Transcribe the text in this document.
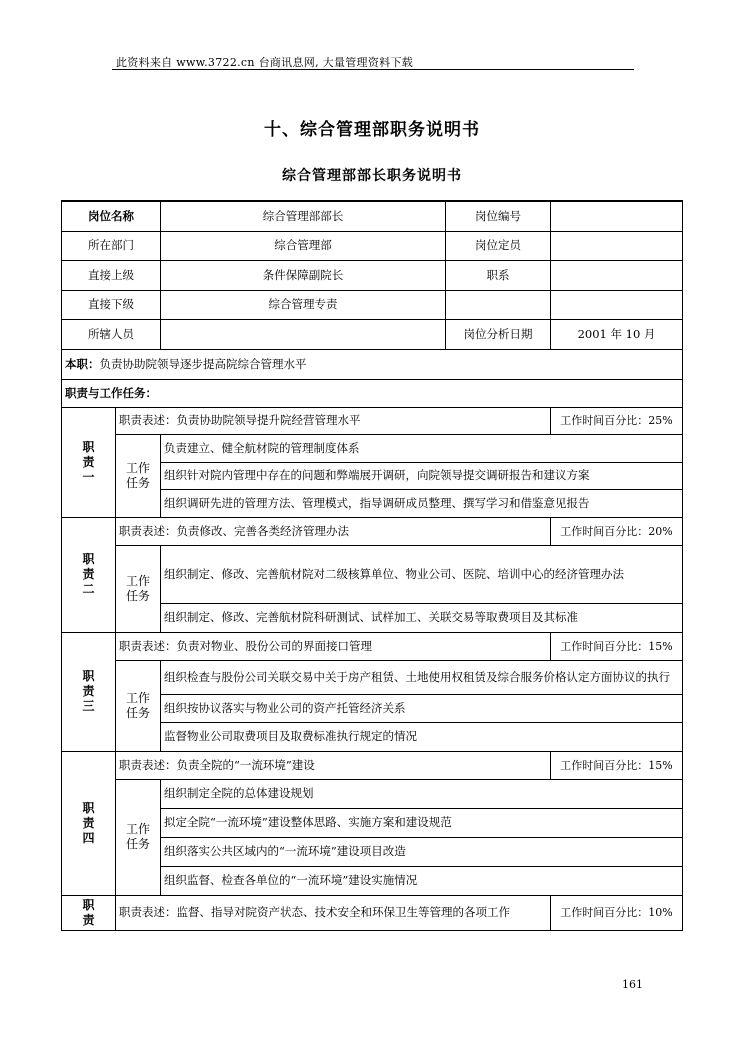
此资料来自 www.3722.cn 台商讯息网, 大量管理资料下载
十、综合管理部职务说明书
综合管理部部长职务说明书
岗位名称		综合管理部部长	岗位编号	
所在部门		综合管理部	岗位定员	
直接上级		条件保障副院长	职系	
直接下级		综合管理专责		
所辖人员			岗位分析日期	2001 年 10 月
本职：负责协助院领导逐步提高院综合管理水平				
职责与工作任务：				

职
责
一	职责表述：负责协助院领导提升院经营管理水平			工作时间百分比：25%

	工作
任务	负责建立、健全航材院的管理制度体系		
		组织针对院内管理中存在的问题和弊端展开调研，向院领导提交调研报告和建议方案		
		组织调研先进的管理方法、管理模式，指导调研成员整理、撰写学习和借鉴意见报告		

职
责
二	职责表述：负责修改、完善各类经济管理办法			工作时间百分比：20%

	工作
任务	组织制定、修改、完善航材院对二级核算单位、物业公司、医院、培训中心的经济管理办法		
		组织制定、修改、完善航材院科研测试、试样加工、关联交易等取费项目及其标准		

职
责
三	职责表述：负责对物业、股份公司的界面接口管理			工作时间百分比：15%

	工作
任务	组织检查与股份公司关联交易中关于房产租赁、土地使用权租赁及综合服务价格认定方面协议的执行		
		组织按协议落实与物业公司的资产托管经济关系		
		监督物业公司取费项目及取费标准执行规定的情况		

职
责
四	职责表述：负责全院的“一流环境”建设			工作时间百分比：15%

	工作
任务	组织制定全院的总体建设规划		
		拟定全院“一流环境”建设整体思路、实施方案和建设规范		
		组织落实公共区域内的“一流环境”建设项目改造		
		组织监督、检查各单位的“一流环境”建设实施情况		

职
责	职责表述：监督、指导对院资产状态、技术安全和环保卫生等管理的各项工作			工作时间百分比：10%
161
